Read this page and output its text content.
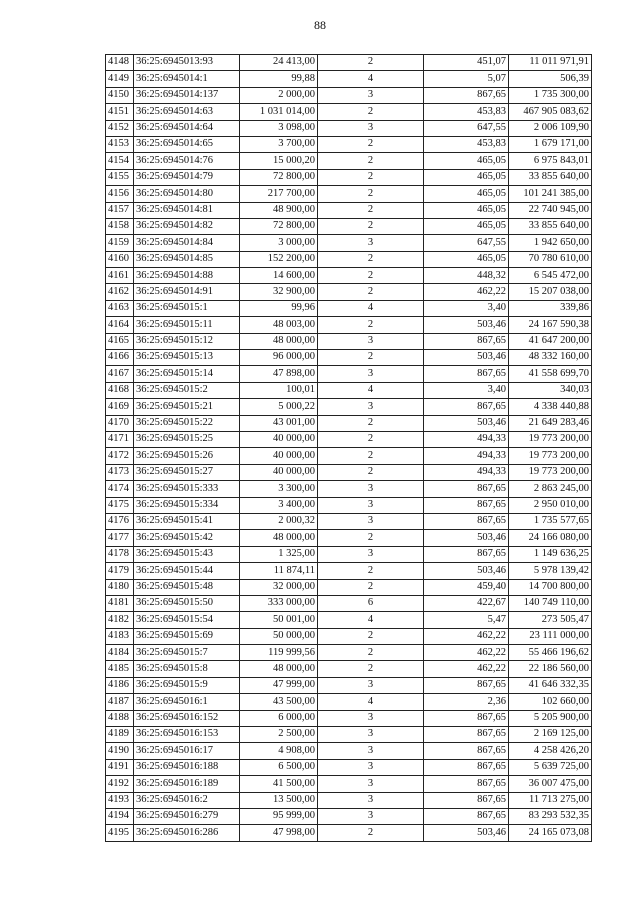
88
4148	36:25:6945013:93	24 413,00	2	451,07	11 011 971,91
4149	36:25:6945014:1	99,88	4	5,07	506,39
4150	36:25:6945014:137	2 000,00	3	867,65	1 735 300,00
4151	36:25:6945014:63	1 031 014,00	2	453,83	467 905 083,62
4152	36:25:6945014:64	3 098,00	3	647,55	2 006 109,90
4153	36:25:6945014:65	3 700,00	2	453,83	1 679 171,00
4154	36:25:6945014:76	15 000,20	2	465,05	6 975 843,01
4155	36:25:6945014:79	72 800,00	2	465,05	33 855 640,00
4156	36:25:6945014:80	217 700,00	2	465,05	101 241 385,00
4157	36:25:6945014:81	48 900,00	2	465,05	22 740 945,00
4158	36:25:6945014:82	72 800,00	2	465,05	33 855 640,00
4159	36:25:6945014:84	3 000,00	3	647,55	1 942 650,00
4160	36:25:6945014:85	152 200,00	2	465,05	70 780 610,00
4161	36:25:6945014:88	14 600,00	2	448,32	6 545 472,00
4162	36:25:6945014:91	32 900,00	2	462,22	15 207 038,00
4163	36:25:6945015:1	99,96	4	3,40	339,86
4164	36:25:6945015:11	48 003,00	2	503,46	24 167 590,38
4165	36:25:6945015:12	48 000,00	3	867,65	41 647 200,00
4166	36:25:6945015:13	96 000,00	2	503,46	48 332 160,00
4167	36:25:6945015:14	47 898,00	3	867,65	41 558 699,70
4168	36:25:6945015:2	100,01	4	3,40	340,03
4169	36:25:6945015:21	5 000,22	3	867,65	4 338 440,88
4170	36:25:6945015:22	43 001,00	2	503,46	21 649 283,46
4171	36:25:6945015:25	40 000,00	2	494,33	19 773 200,00
4172	36:25:6945015:26	40 000,00	2	494,33	19 773 200,00
4173	36:25:6945015:27	40 000,00	2	494,33	19 773 200,00
4174	36:25:6945015:333	3 300,00	3	867,65	2 863 245,00
4175	36:25:6945015:334	3 400,00	3	867,65	2 950 010,00
4176	36:25:6945015:41	2 000,32	3	867,65	1 735 577,65
4177	36:25:6945015:42	48 000,00	2	503,46	24 166 080,00
4178	36:25:6945015:43	1 325,00	3	867,65	1 149 636,25
4179	36:25:6945015:44	11 874,11	2	503,46	5 978 139,42
4180	36:25:6945015:48	32 000,00	2	459,40	14 700 800,00
4181	36:25:6945015:50	333 000,00	6	422,67	140 749 110,00
4182	36:25:6945015:54	50 001,00	4	5,47	273 505,47
4183	36:25:6945015:69	50 000,00	2	462,22	23 111 000,00
4184	36:25:6945015:7	119 999,56	2	462,22	55 466 196,62
4185	36:25:6945015:8	48 000,00	2	462,22	22 186 560,00
4186	36:25:6945015:9	47 999,00	3	867,65	41 646 332,35
4187	36:25:6945016:1	43 500,00	4	2,36	102 660,00
4188	36:25:6945016:152	6 000,00	3	867,65	5 205 900,00
4189	36:25:6945016:153	2 500,00	3	867,65	2 169 125,00
4190	36:25:6945016:17	4 908,00	3	867,65	4 258 426,20
4191	36:25:6945016:188	6 500,00	3	867,65	5 639 725,00
4192	36:25:6945016:189	41 500,00	3	867,65	36 007 475,00
4193	36:25:6945016:2	13 500,00	3	867,65	11 713 275,00
4194	36:25:6945016:279	95 999,00	3	867,65	83 293 532,35
4195	36:25:6945016:286	47 998,00	2	503,46	24 165 073,08
